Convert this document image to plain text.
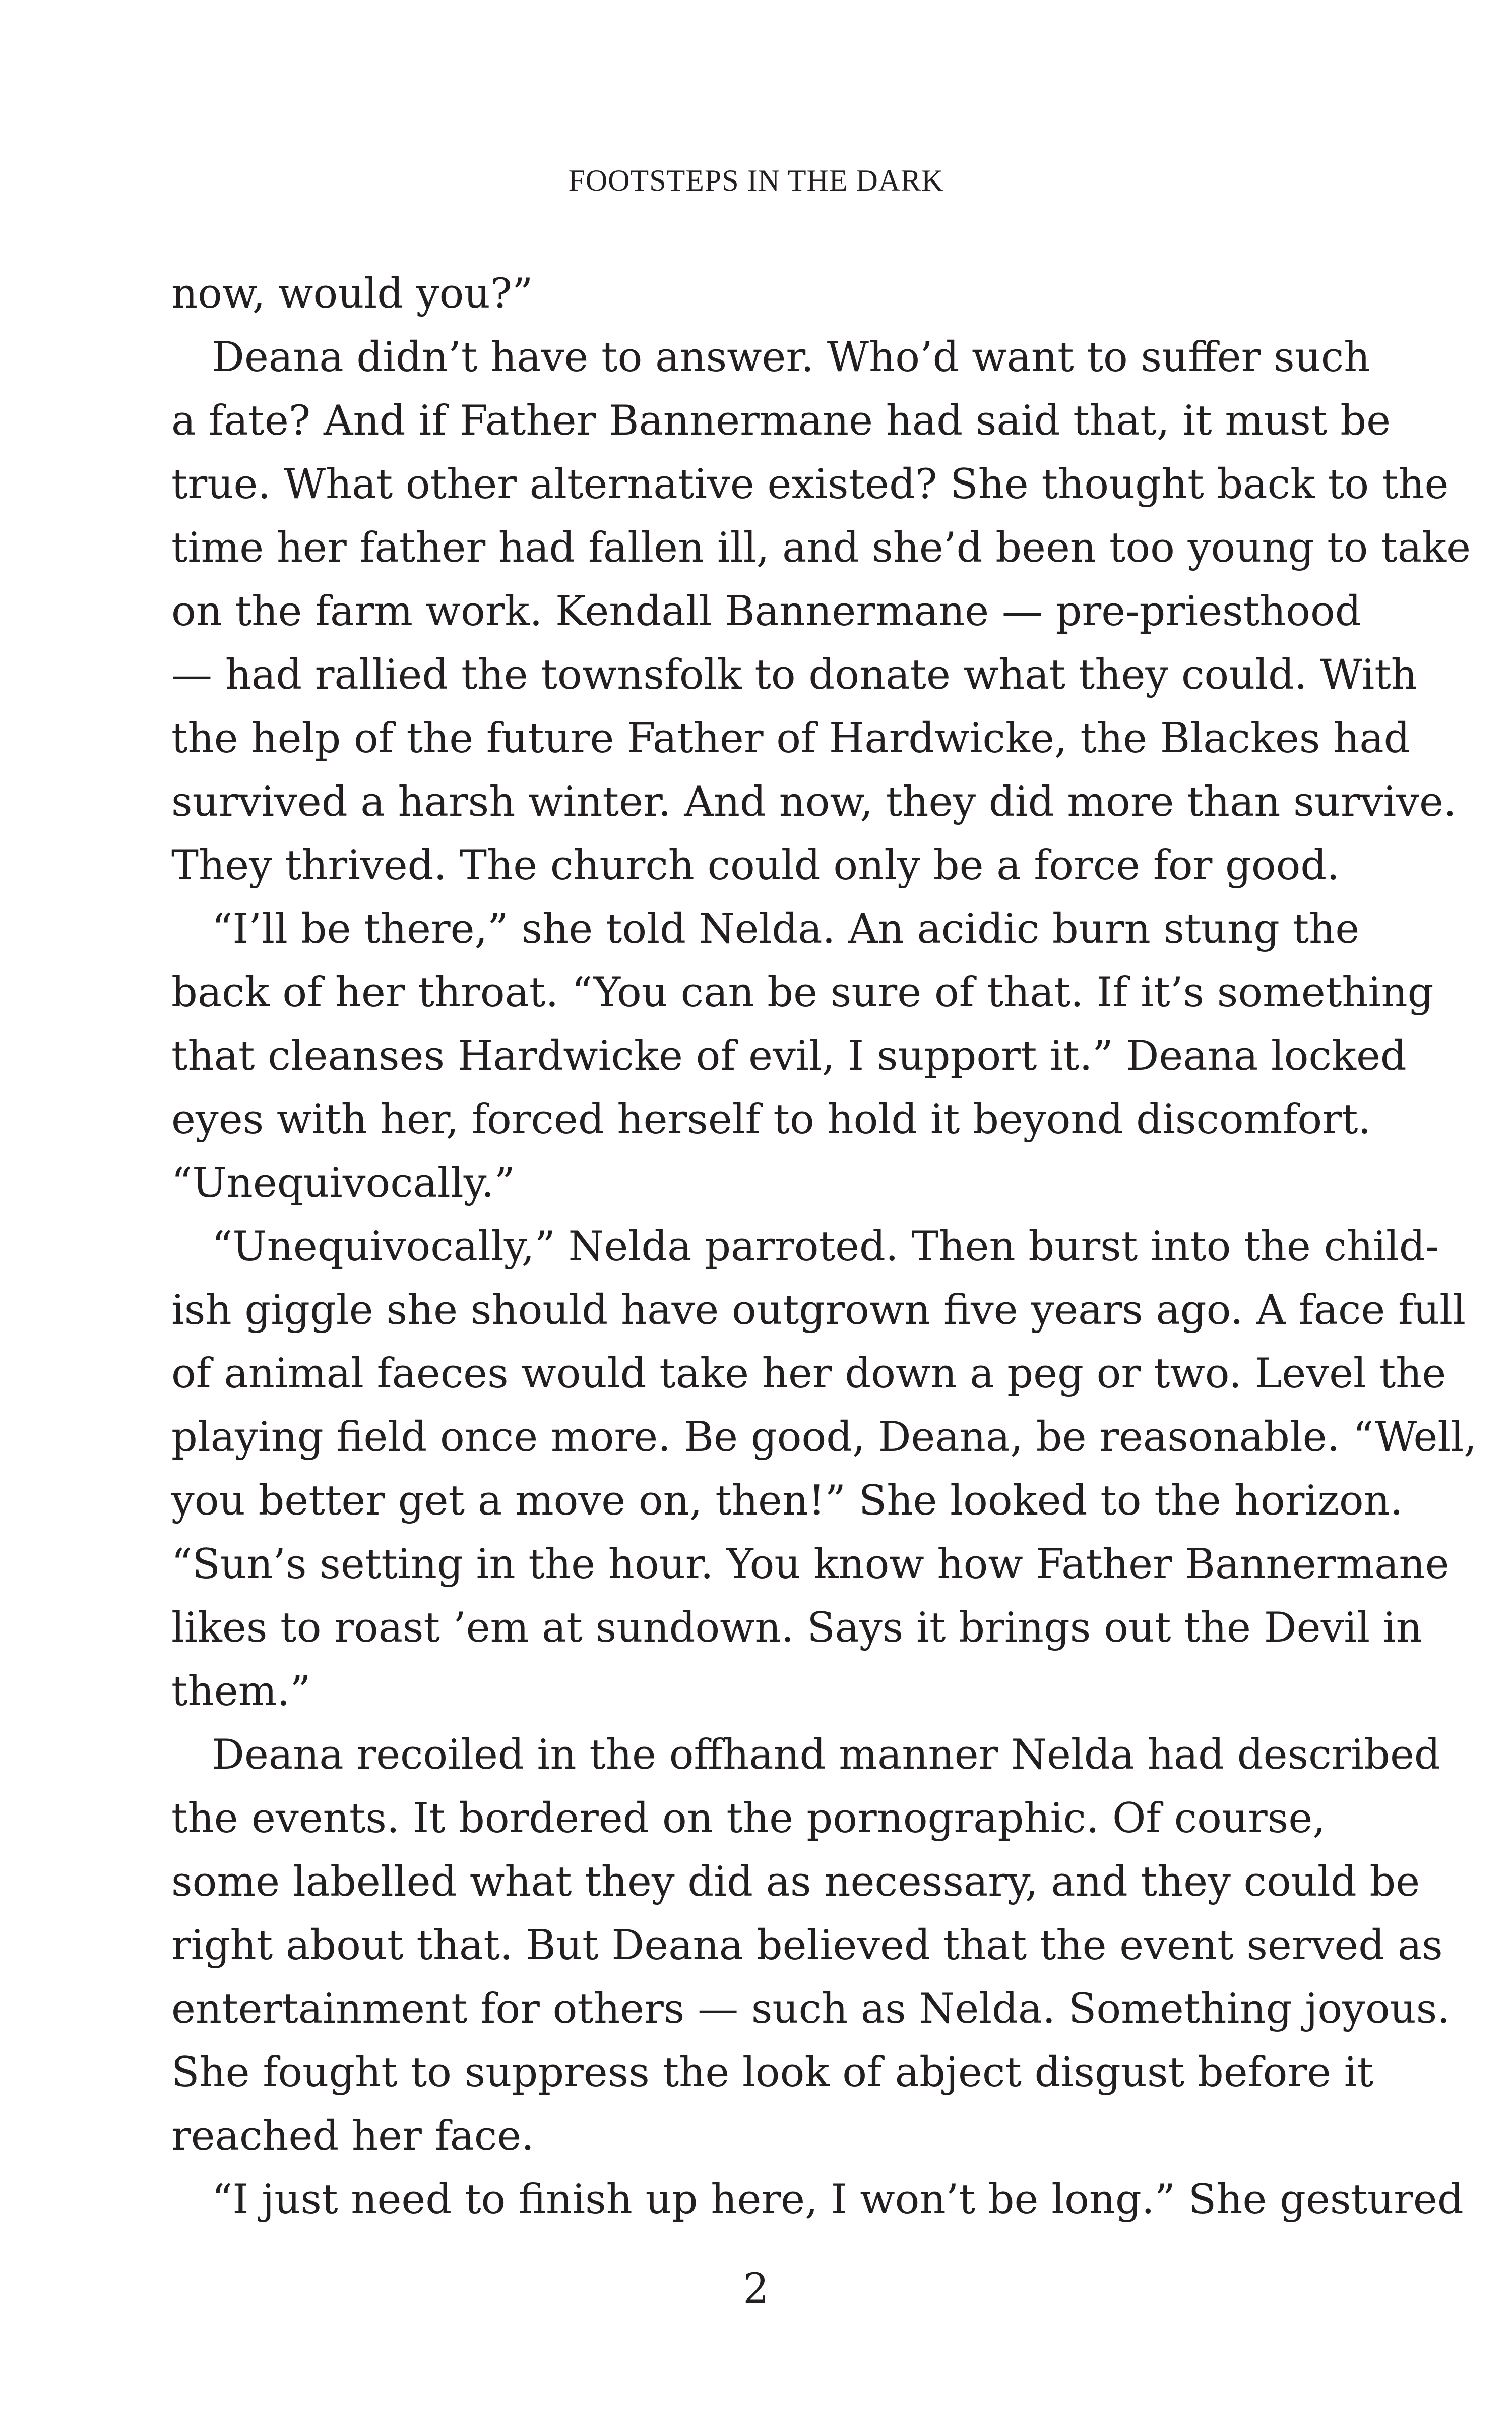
FOOTSTEPS IN THE DARK
now, would you?”
Deana didn’t have to answer. Who’d want to suffer such
a fate? And if Father Bannermane had said that, it must be
true. What other alternative existed? She thought back to the
time her father had fallen ill, and she’d been too young to take
on the farm work. Kendall Bannermane — pre-priesthood
— had rallied the townsfolk to donate what they could. With
the help of the future Father of Hardwicke, the Blackes had
survived a harsh winter. And now, they did more than survive.
They thrived. The church could only be a force for good.
“I’ll be there,” she told Nelda. An acidic burn stung the
back of her throat. “You can be sure of that. If it’s something
that cleanses Hardwicke of evil, I support it.” Deana locked
eyes with her, forced herself to hold it beyond discomfort.
“Unequivocally.”
“Unequivocally,” Nelda parroted. Then burst into the child-
ish giggle she should have outgrown five years ago. A face full
of animal faeces would take her down a peg or two. Level the
playing field once more. Be good, Deana, be reasonable. “Well,
you better get a move on, then!” She looked to the horizon.
“Sun’s setting in the hour. You know how Father Bannermane
likes to roast ’em at sundown. Says it brings out the Devil in
them.”
Deana recoiled in the offhand manner Nelda had described
the events. It bordered on the pornographic. Of course,
some labelled what they did as necessary, and they could be
right about that. But Deana believed that the event served as
entertainment for others — such as Nelda. Something joyous.
She fought to suppress the look of abject disgust before it
reached her face.
“I just need to finish up here, I won’t be long.” She gestured
2
